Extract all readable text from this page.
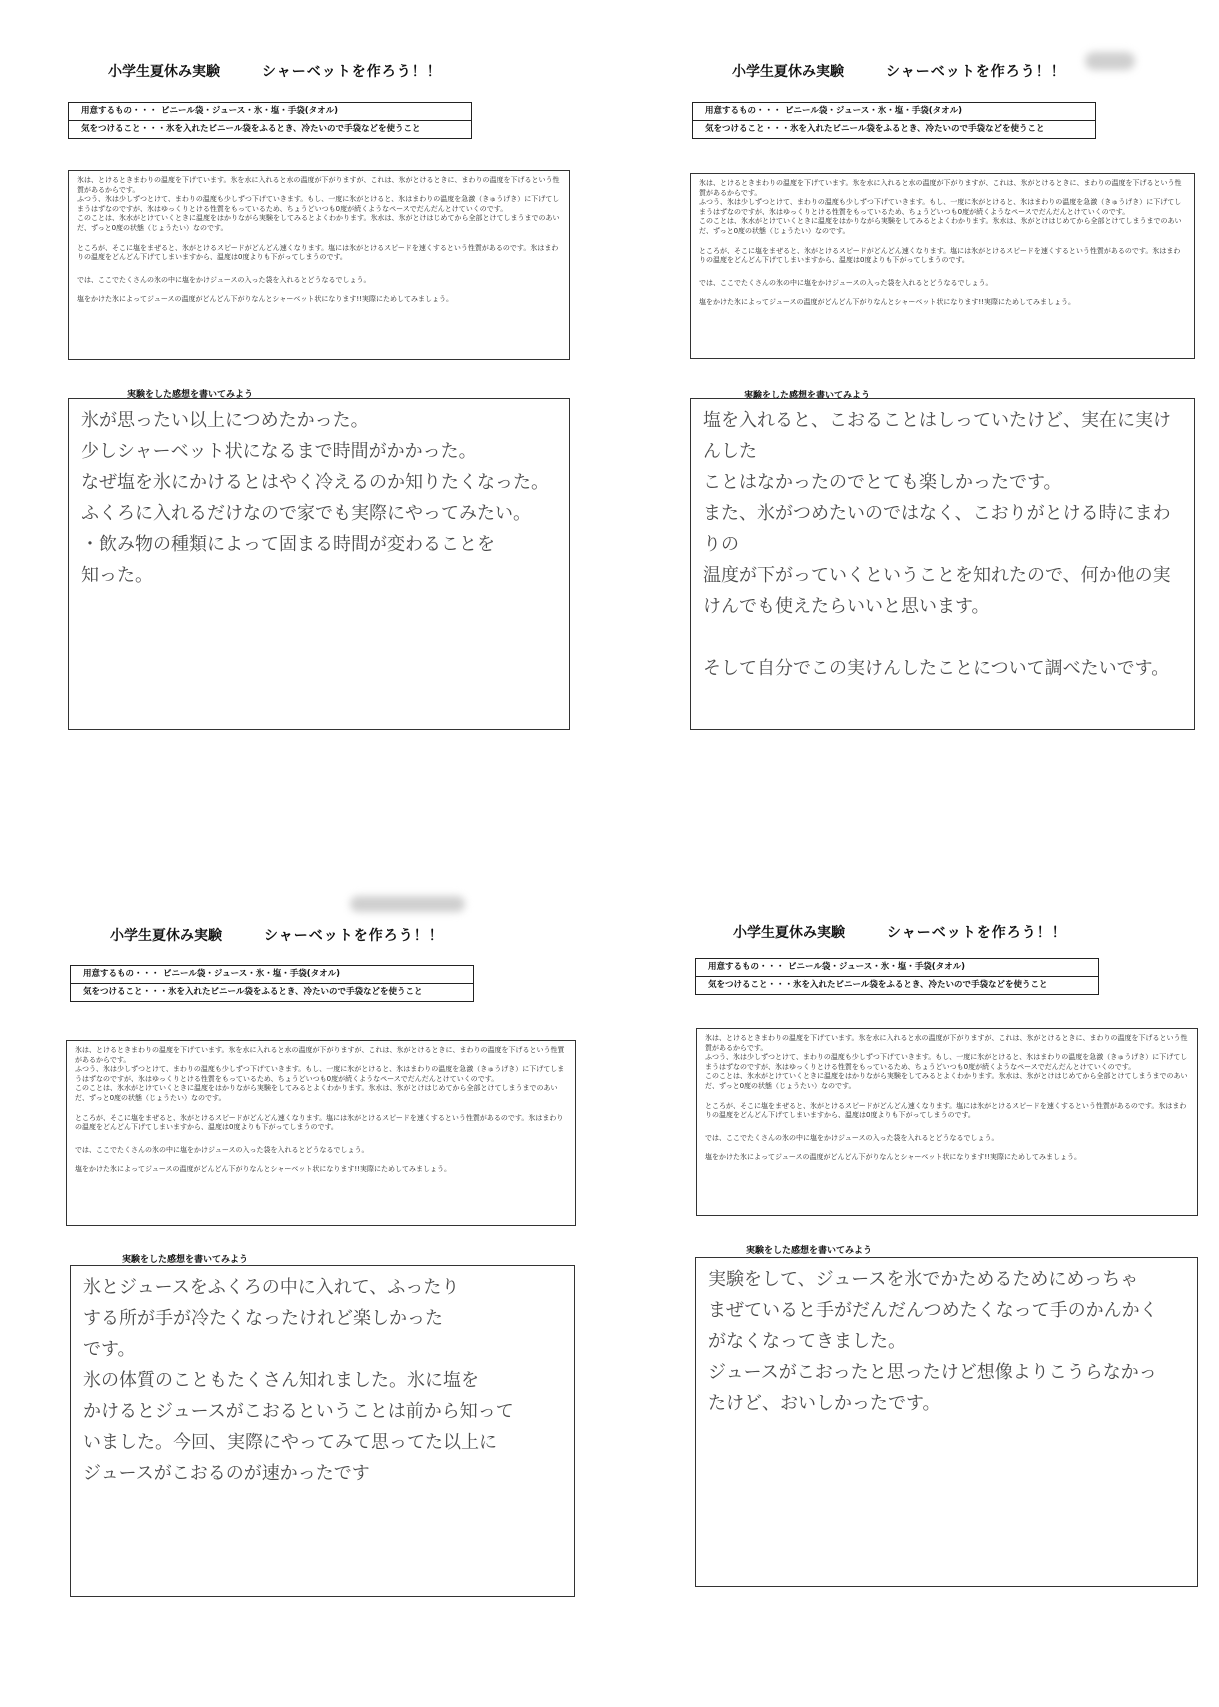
小学生夏休み実験	シャーベットを作ろう！！
用意するもの・・・ ビニール袋・ジュース・氷・塩・手袋(タオル)
気をつけること・・・氷を入れたビニール袋をふるとき、冷たいので手袋などを使うこと

氷は、とけるときまわりの温度を下げています。氷を水に入れると水の温度が下がりますが、これは、氷がとけるときに、まわりの温度を下げるという性質があるからです。

ふつう、氷は少しずつとけて、まわりの温度も少しずつ下げていきます。もし、一度に氷がとけると、氷はまわりの温度を急激（きゅうげき）に下げてしまうはずなのですが、氷はゆっくりとける性質をもっているため、ちょうどいつも0度が続くようなペースでだんだんとけていくのです。

このことは、氷水がとけていくときに温度をはかりながら実験をしてみるとよくわかります。氷水は、氷がとけはじめてから全部とけてしまうまでのあいだ、ずっと0度の状態（じょうたい）なのです。

ところが、そこに塩をまぜると、氷がとけるスピードがどんどん速くなります。塩には氷がとけるスピードを速くするという性質があるのです。氷はまわりの温度をどんどん下げてしまいますから、温度は0度よりも下がってしまうのです。

では、ここでたくさんの氷の中に塩をかけジュースの入った袋を入れるとどうなるでしょう。

塩をかけた氷によってジュースの温度がどんどん下がりなんとシャーベット状になります!!実際にためしてみましょう。

実験をした感想を書いてみよう

氷が思ったい以上につめたかった。

少しシャーベット状になるまで時間がかかった。

なぜ塩を氷にかけるとはやく冷えるのか知りたくなった。

ふくろに入れるだけなので家でも実際にやってみたい。

・飲み物の種類によって固まる時間が変わることを

知った。

小学生夏休み実験	シャーベットを作ろう！！
用意するもの・・・ ビニール袋・ジュース・氷・塩・手袋(タオル)
気をつけること・・・氷を入れたビニール袋をふるとき、冷たいので手袋などを使うこと

氷は、とけるときまわりの温度を下げています。氷を水に入れると水の温度が下がりますが、これは、氷がとけるときに、まわりの温度を下げるという性質があるからです。

ふつう、氷は少しずつとけて、まわりの温度も少しずつ下げていきます。もし、一度に氷がとけると、氷はまわりの温度を急激（きゅうげき）に下げてしまうはずなのですが、氷はゆっくりとける性質をもっているため、ちょうどいつも0度が続くようなペースでだんだんとけていくのです。

このことは、氷水がとけていくときに温度をはかりながら実験をしてみるとよくわかります。氷水は、氷がとけはじめてから全部とけてしまうまでのあいだ、ずっと0度の状態（じょうたい）なのです。

ところが、そこに塩をまぜると、氷がとけるスピードがどんどん速くなります。塩には氷がとけるスピードを速くするという性質があるのです。氷はまわりの温度をどんどん下げてしまいますから、温度は0度よりも下がってしまうのです。

では、ここでたくさんの氷の中に塩をかけジュースの入った袋を入れるとどうなるでしょう。

塩をかけた氷によってジュースの温度がどんどん下がりなんとシャーベット状になります!!実際にためしてみましょう。

実験をした感想を書いてみよう

塩を入れると、こおることはしっていたけど、実在に実けんした

ことはなかったのでとても楽しかったです。

また、氷がつめたいのではなく、こおりがとける時にまわりの

温度が下がっていくということを知れたので、何か他の実

けんでも使えたらいいと思います。

そして自分でこの実けんしたことについて調べたいです。

小学生夏休み実験	シャーベットを作ろう！！
用意するもの・・・ ビニール袋・ジュース・氷・塩・手袋(タオル)
気をつけること・・・氷を入れたビニール袋をふるとき、冷たいので手袋などを使うこと

氷は、とけるときまわりの温度を下げています。氷を水に入れると水の温度が下がりますが、これは、氷がとけるときに、まわりの温度を下げるという性質があるからです。

ふつう、氷は少しずつとけて、まわりの温度も少しずつ下げていきます。もし、一度に氷がとけると、氷はまわりの温度を急激（きゅうげき）に下げてしまうはずなのですが、氷はゆっくりとける性質をもっているため、ちょうどいつも0度が続くようなペースでだんだんとけていくのです。

このことは、氷水がとけていくときに温度をはかりながら実験をしてみるとよくわかります。氷水は、氷がとけはじめてから全部とけてしまうまでのあいだ、ずっと0度の状態（じょうたい）なのです。

ところが、そこに塩をまぜると、氷がとけるスピードがどんどん速くなります。塩には氷がとけるスピードを速くするという性質があるのです。氷はまわりの温度をどんどん下げてしまいますから、温度は0度よりも下がってしまうのです。

では、ここでたくさんの氷の中に塩をかけジュースの入った袋を入れるとどうなるでしょう。

塩をかけた氷によってジュースの温度がどんどん下がりなんとシャーベット状になります!!実際にためしてみましょう。

実験をした感想を書いてみよう

氷とジュースをふくろの中に入れて、ふったり

する所が手が冷たくなったけれど楽しかった

です。

氷の体質のこともたくさん知れました。氷に塩を

かけるとジュースがこおるということは前から知って

いました。今回、実際にやってみて思ってた以上に

ジュースがこおるのが速かったです

小学生夏休み実験	シャーベットを作ろう！！
用意するもの・・・ ビニール袋・ジュース・氷・塩・手袋(タオル)
気をつけること・・・氷を入れたビニール袋をふるとき、冷たいので手袋などを使うこと

氷は、とけるときまわりの温度を下げています。氷を水に入れると水の温度が下がりますが、これは、氷がとけるときに、まわりの温度を下げるという性質があるからです。

ふつう、氷は少しずつとけて、まわりの温度も少しずつ下げていきます。もし、一度に氷がとけると、氷はまわりの温度を急激（きゅうげき）に下げてしまうはずなのですが、氷はゆっくりとける性質をもっているため、ちょうどいつも0度が続くようなペースでだんだんとけていくのです。

このことは、氷水がとけていくときに温度をはかりながら実験をしてみるとよくわかります。氷水は、氷がとけはじめてから全部とけてしまうまでのあいだ、ずっと0度の状態（じょうたい）なのです。

ところが、そこに塩をまぜると、氷がとけるスピードがどんどん速くなります。塩には氷がとけるスピードを速くするという性質があるのです。氷はまわりの温度をどんどん下げてしまいますから、温度は0度よりも下がってしまうのです。

では、ここでたくさんの氷の中に塩をかけジュースの入った袋を入れるとどうなるでしょう。

塩をかけた氷によってジュースの温度がどんどん下がりなんとシャーベット状になります!!実際にためしてみましょう。

実験をした感想を書いてみよう

実験をして、ジュースを氷でかためるためにめっちゃ

まぜていると手がだんだんつめたくなって手のかんかく

がなくなってきました。

ジュースがこおったと思ったけど想像よりこうらなかっ

たけど、おいしかったです。
